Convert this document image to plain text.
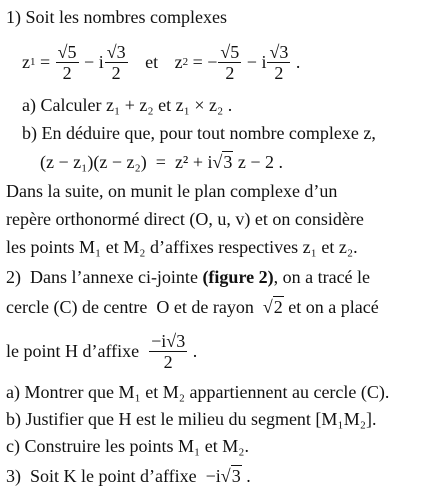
1) Soit les nombres complexes
z $1 = \frac{√5}{2} - i \frac{√3}{2}$ et z 2 = − $\frac{√5}{2} - i \frac{√3}{2}$ .
a) Calculer z₁ + z₂ et z₁ × z₂ .
b) En déduire que, pour tout nombre complexe z,
(z − z₁)(z − z₂)  =  z² + i√3 z − 2 .
Dans la suite, on munit le plan complexe d’un
repère orthonormé direct (O, u, v) et on considère
les points M₁ et M₂ d’affixes respectives z₁ et z₂.
2)  Dans l’annexe ci-jointe (figure 2), on a tracé le
cercle (C) de centre  O et de rayon  √2 et on a placé
le point H d’affixe $\frac{-i√3}{2}$ .
a) Montrer que M₁ et M₂ appartiennent au cercle (C).
b) Justifier que H est le milieu du segment [M₁M₂].
c) Construire les points M₁ et M₂.
3)  Soit K le point d’affixe  −i√3 .
